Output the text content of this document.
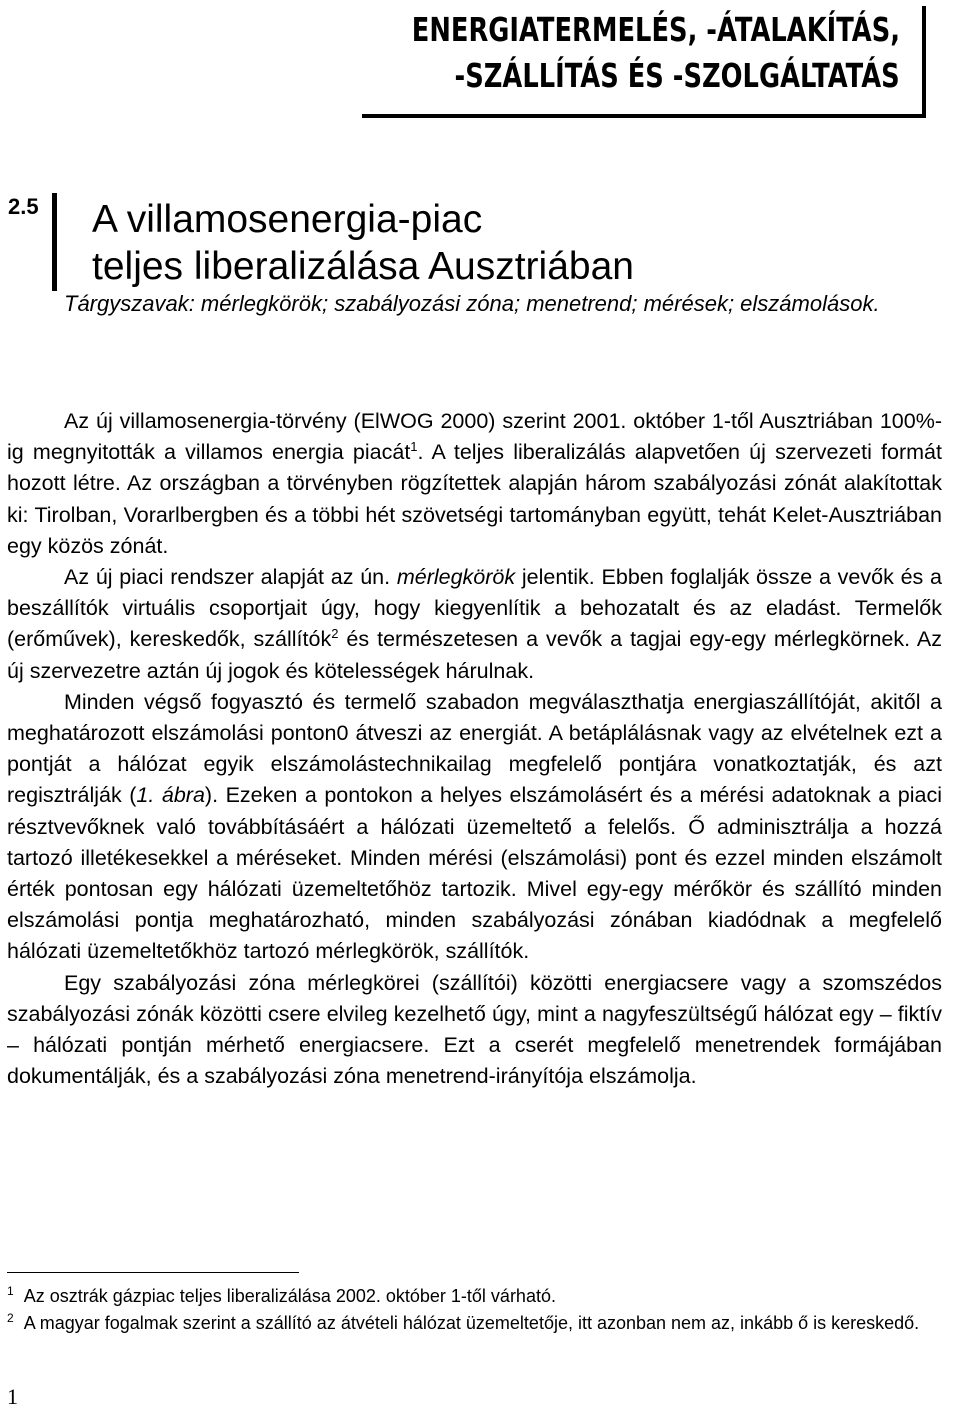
ENERGIATERMELÉS, -ÁTALAKÍTÁS,
-SZÁLLÍTÁS ÉS -SZOLGÁLTATÁS
2.5 A villamosenergia-piac
teljes liberalizálása Ausztriában
Tárgyszavak: mérlegkörök; szabályozási zóna; menetrend; mérések; elszámolások.

Az új villamosenergia-törvény (ElWOG 2000) szerint 2001. október 1-től Ausztriában 100%-ig megnyitották a villamos energia piacát$^1$. A teljes liberalizálás alapvetően új szervezeti formát hozott létre. Az országban a törvényben rögzítettek alapján három szabályozási zónát alakítottak ki: Tirolban, Vorarlbergben és a többi hét szövetségi tartományban együtt, tehát Kelet-Ausztriában egy közös zónát.

Az új piaci rendszer alapját az ún. mérlegkörök jelentik. Ebben foglalják össze a vevők és a beszállítók virtuális csoportjait úgy, hogy kiegyenlítik a behozatalt és az eladást. Termelők (erőművek), kereskedők, szállítók$^2$ és természetesen a vevők a tagjai egy-egy mérlegkörnek. Az új szervezetre aztán új jogok és kötelességek hárulnak.

Minden végső fogyasztó és termelő szabadon megválaszthatja energiaszállítóját, akitől a meghatározott elszámolási ponton0 átveszi az energiát. A betáplálásnak vagy az elvételnek ezt a pontját a hálózat egyik elszámolástechnikailag megfelelő pontjára vonatkoztatják, és azt regisztrálják (1. ábra). Ezeken a pontokon a helyes elszámolásért és a mérési adatoknak a piaci résztvevőknek való továbbításáért a hálózati üzemeltető a felelős. Ő adminisztrálja a hozzá tartozó illetékesekkel a méréseket. Minden mérési (elszámolási) pont és ezzel minden elszámolt érték pontosan egy hálózati üzemeltetőhöz tartozik. Mivel egy-egy mérőkör és szállító minden elszámolási pontja meghatározható, minden szabályozási zónában kiadódnak a megfelelő hálózati üzemeltetőkhöz tartozó mérlegkörök, szállítók.

Egy szabályozási zóna mérlegkörei (szállítói) közötti energiacsere vagy a szomszédos szabályozási zónák közötti csere elvileg kezelhető úgy, mint a nagyfeszültségű hálózat egy – fiktív – hálózati pontján mérhető energiacsere. Ezt a cserét megfelelő menetrendek formájában dokumentálják, és a szabályozási zóna menetrend-irányítója elszámolja.

$^1$ Az osztrák gázpiac teljes liberalizálása 2002. október 1-től várható.

$^2$ A magyar fogalmak szerint a szállító az átvételi hálózat üzemeltetője, itt azonban nem az, inkább ő is kereskedő.

1
